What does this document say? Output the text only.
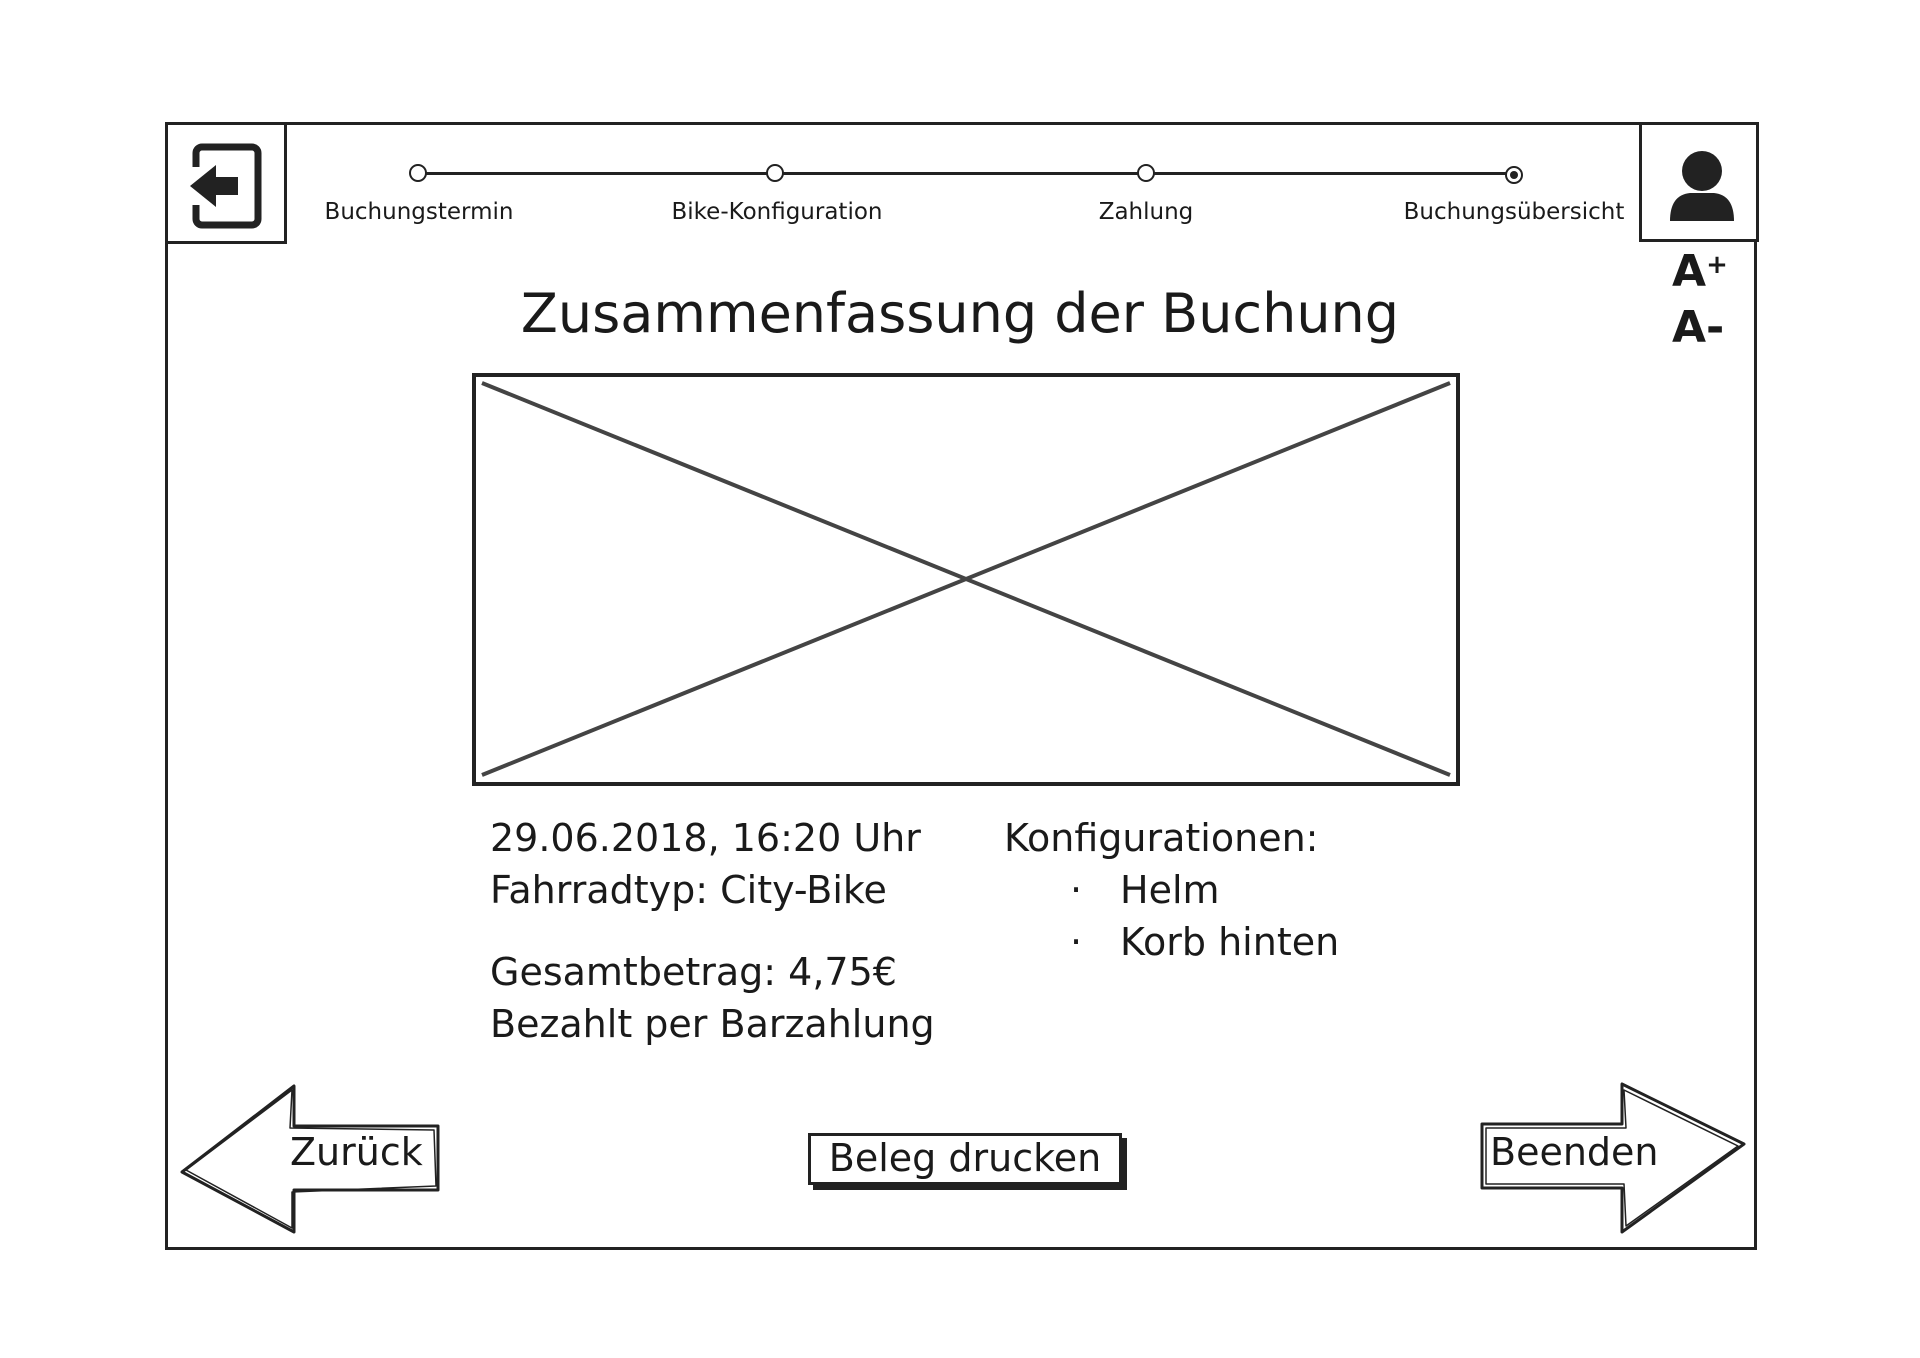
A+
A-
Buchungstermin	Bike-Konfiguration	Zahlung	Buchungsübersicht
Zusammenfassung der Buchung
29.06.2018, 16:20 Uhr
Fahrradtyp: City-Bike
Gesamtbetrag: 4,75€
Bezahlt per Barzahlung
Konfigurationen:
· Helm
· Korb hinten
Zurück	Beleg drucken	Beenden
